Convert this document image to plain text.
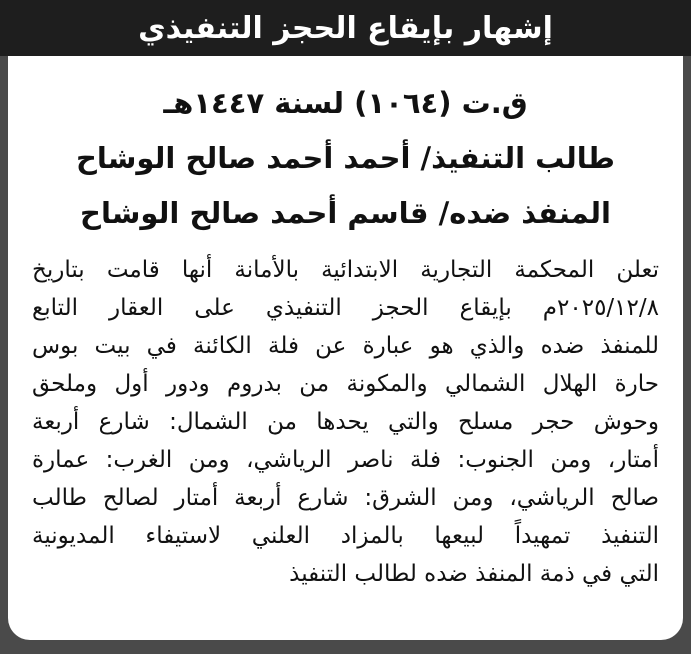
إشهار بإيقاع الحجز التنفيذي
ق.ت (١٠٦٤) لسنة ١٤٤٧هـ
طالب التنفيذ/ أحمد أحمد صالح الوشاح
المنفذ ضده/ قاسم أحمد صالح الوشاح
تعلن المحكمة التجارية الابتدائية بالأمانة أنها قامت بتاريخ
٢٠٢٥/١٢/٨م بإيقاع الحجز التنفيذي على العقار التابع
للمنفذ ضده والذي هو عبارة عن فلة الكائنة في بيت بوس
حارة الهلال الشمالي والمكونة من بدروم ودور أول وملحق
وحوش حجر مسلح والتي يحدها من الشمال: شارع أربعة
أمتار، ومن الجنوب: فلة ناصر الرياشي، ومن الغرب: عمارة
صالح الرياشي، ومن الشرق: شارع أربعة أمتار لصالح طالب
التنفيذ تمهيداً لبيعها بالمزاد العلني لاستيفاء المديونية
التي في ذمة المنفذ ضده لطالب التنفيذ
